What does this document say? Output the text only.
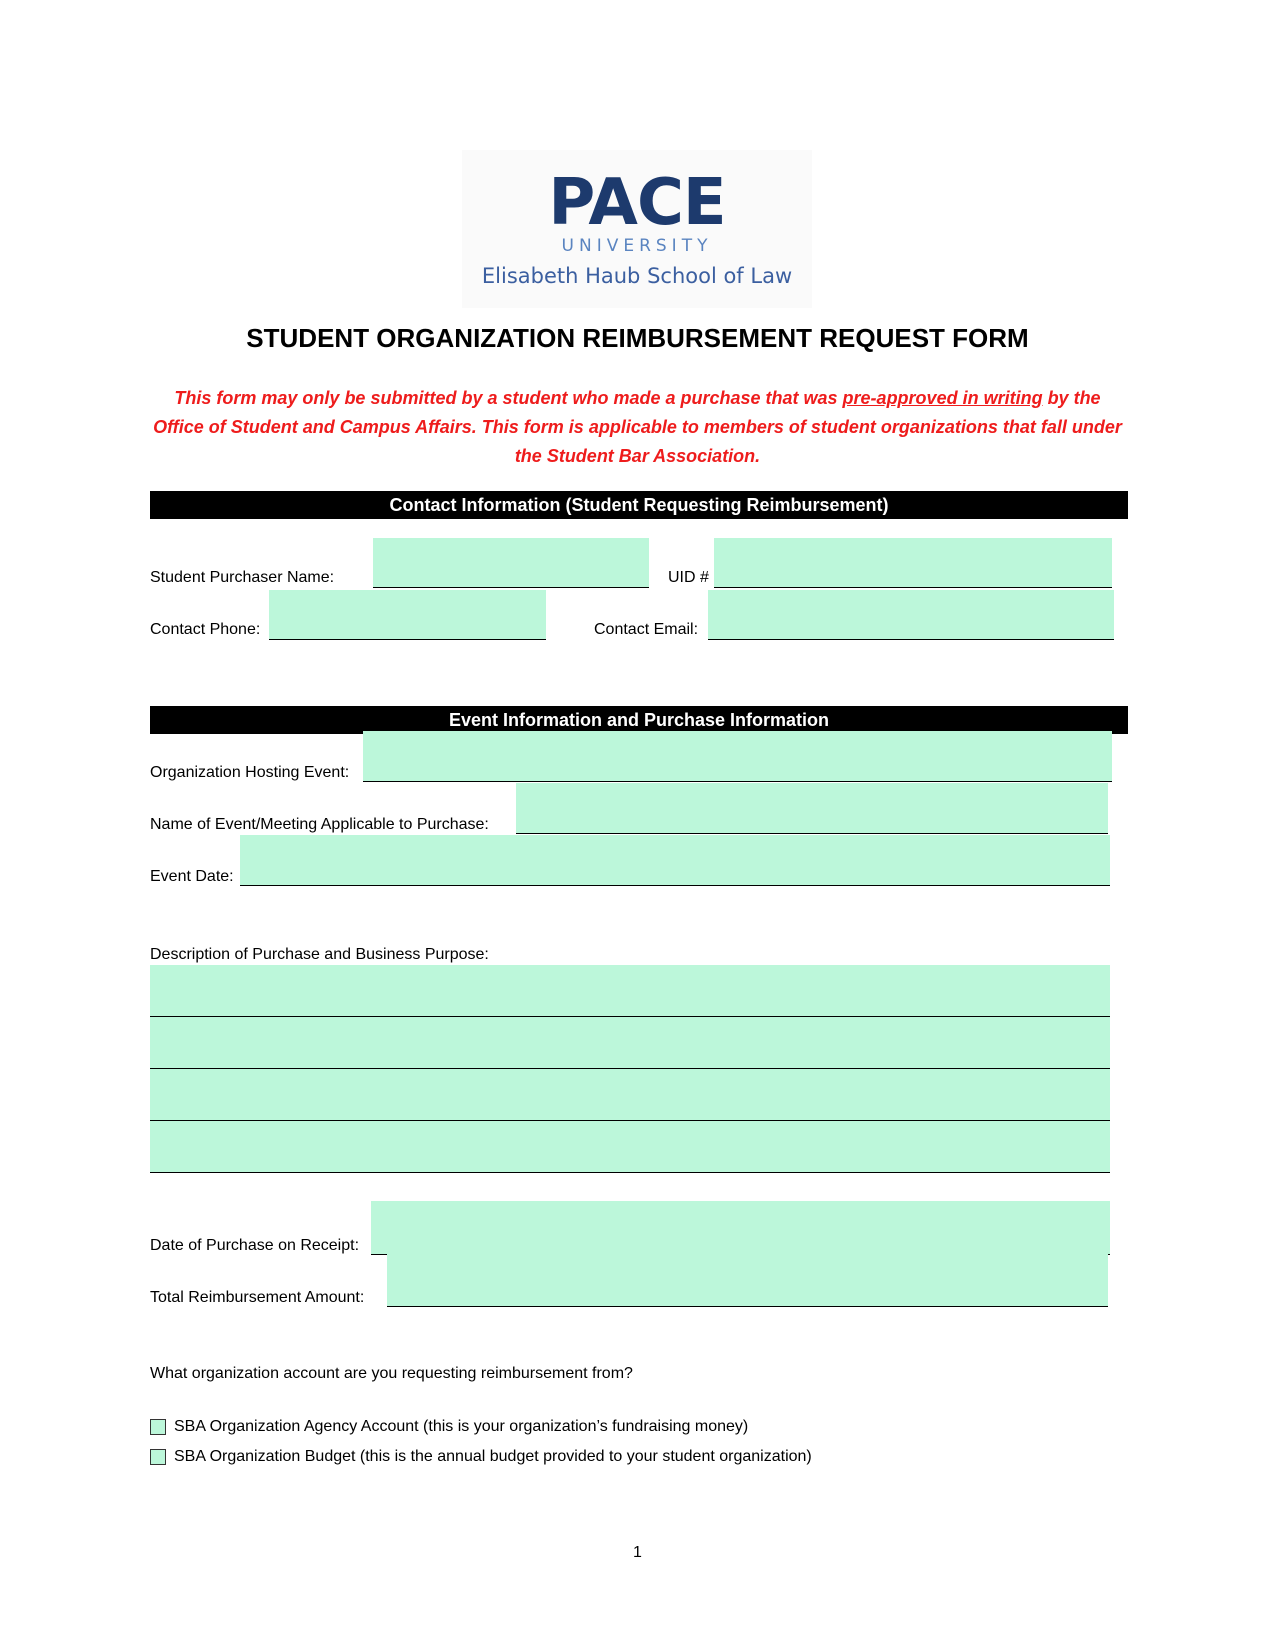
PACE
UNIVERSITY
Elisabeth Haub School of Law
STUDENT ORGANIZATION REIMBURSEMENT REQUEST FORM
This form may only be submitted by a student who made a purchase that was pre-approved in writing by the Office of Student and Campus Affairs. This form is applicable to members of student organizations that fall under the Student Bar Association.
Contact Information (Student Requesting Reimbursement)
Student Purchaser Name:	UID #
Contact Phone:	Contact Email:
Event Information and Purchase Information
Organization Hosting Event:
Name of Event/Meeting Applicable to Purchase:
Event Date:
Description of Purchase and Business Purpose:
Date of Purchase on Receipt:
Total Reimbursement Amount:
What organization account are you requesting reimbursement from?
SBA Organization Agency Account (this is your organization’s fundraising money)
SBA Organization Budget (this is the annual budget provided to your student organization)
1
